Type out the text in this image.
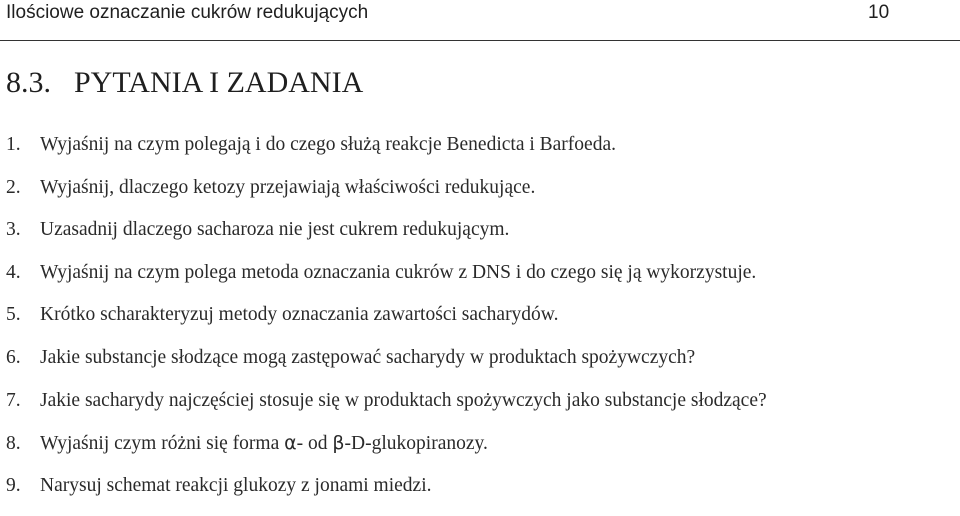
Ilościowe oznaczanie cukrów redukujących	10
8.3. PYTANIA I ZADANIA
1. Wyjaśnij na czym polegają i do czego służą reakcje Benedicta i Barfoeda.
2. Wyjaśnij, dlaczego ketozy przejawiają właściwości redukujące.
3. Uzasadnij dlaczego sacharoza nie jest cukrem redukującym.
4. Wyjaśnij na czym polega metoda oznaczania cukrów z DNS i do czego się ją wykorzystuje.
5. Krótko scharakteryzuj metody oznaczania zawartości sacharydów.
6. Jakie substancje słodzące mogą zastępować sacharydy w produktach spożywczych?
7. Jakie sacharydy najczęściej stosuje się w produktach spożywczych jako substancje słodzące?
8. Wyjaśnij czym różni się forma α- od β-D-glukopiranozy.
9. Narysuj schemat reakcji glukozy z jonami miedzi.
